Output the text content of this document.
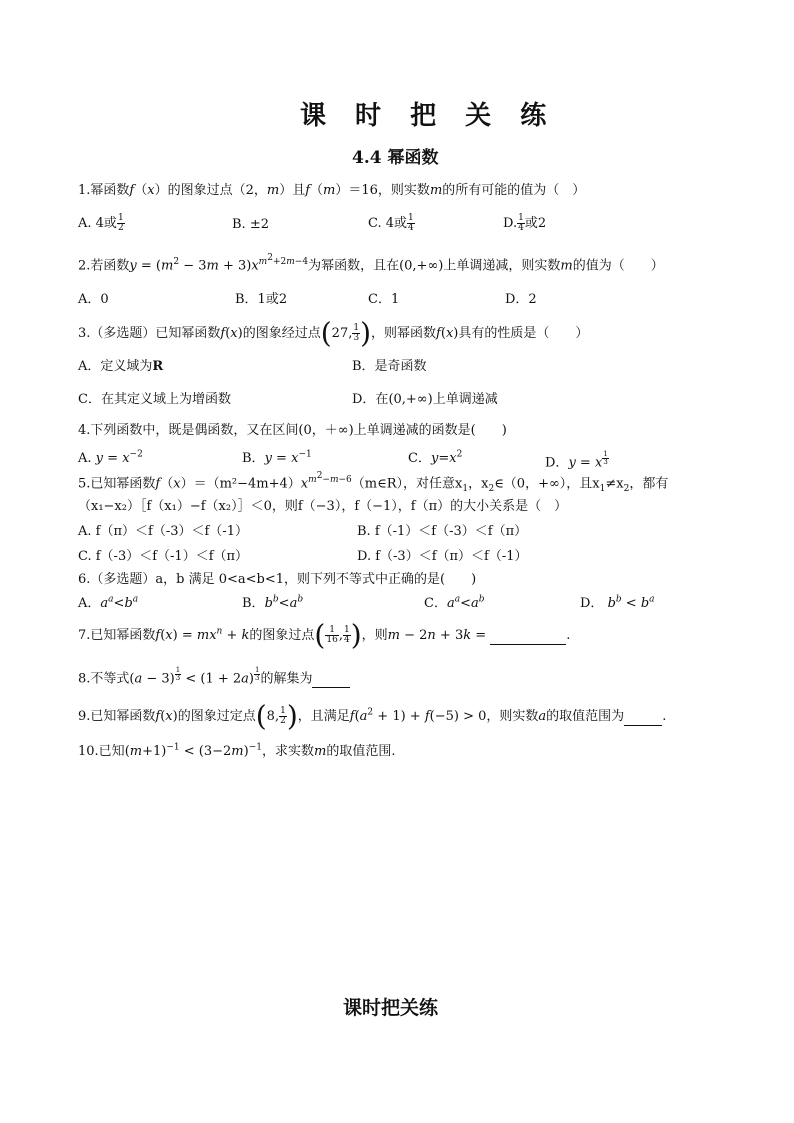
课 时 把 关 练
4.4 幂函数
1.幂函数f（x）的图象过点（2，m）且f（m）＝16，则实数m的所有可能的值为（　）
A. 4或 $\frac{1}{2}$	B. ±2	C. 4或 $\frac{1}{4}$	D. $\frac{1}{4}$ 或2
2.若函数$y = (m^2 - 3m + 3)x^{m^2+2m-4}$为幂函数，且在(0,+∞)上单调递减，则实数m的值为（　　）
A．0	B．1或2	C．1	D．2
3.（多选题）已知幂函数f(x)的图象经过点(27, $\frac{1}{3}$ )，则幂函数f(x)具有的性质是（　　）
A．定义域为R	B．是奇函数
C．在其定义域上为增函数	D．在(0,+∞)上单调递减
4.下列函数中，既是偶函数，又在区间(0，＋∞)上单调递减的函数是(　　)
A. $y = x^{-2}$	B．$y = x^{-1}$	C．$y=x^2$
D．y = x $^{\frac{1}{3}}$
5.已知幂函数$f(x)=(m^2-4m+4)x^{m^2-m-6}(m\in R)$，对任意$x_1$，$x_2\in(0$，+∞），且$x_1\ne x_2$，都有
（x₁−x₂）［f（x₁）−f（x₂）］＜0，则f（−3），f（−1），f（π）的大小关系是（　）
A. f（π）＜f（-3）＜f（-1）	B. f（-1）＜f（-3）＜f（π）
C. f（-3）＜f（-1）＜f（π）	D. f（-3）＜f（π）＜f（-1）
6.（多选题）a，b 满足 0<a<b<1，则下列不等式中正确的是(　　)
A．$a^a<b^a$	B．$b^b<a^b$	C．$a^a<a^b$	D． $b^b < b^a$
7.已知幂函数$f(x) = mx^n + k$的图象过点( $\frac{1}{16}$ , $\frac{1}{4}$ )，则m − 2n + 3k =	.
8.不等式(a − 3) $^{\frac{1}{3}}$ < (1 + 2a) $^{\frac{1}{3}}$ 的解集为
9.已知幂函数f(x)的图象过定点(8, $\frac{1}{2}$ )，且满足$f(a^2 + 1) + f(-5) > 0$，则实数a的取值范围为	.
10.已知$(m+1)^{-1} < (3-2m)^{-1}$，求实数m的取值范围.
课时把关练
